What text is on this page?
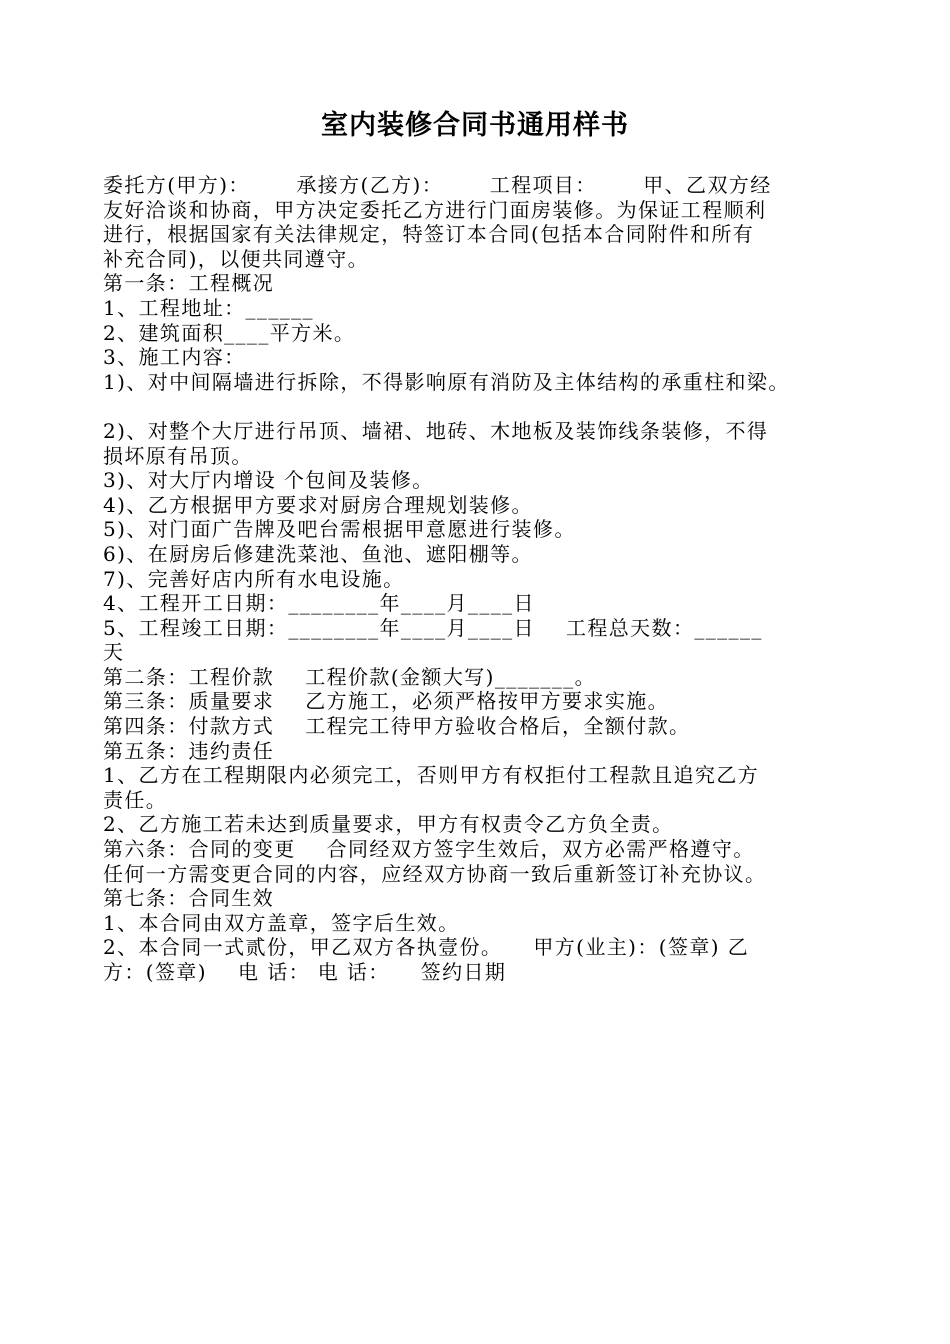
室内装修合同书通用样书
委托方(甲方)：      承接方(乙方)：      工程项目：      甲、乙双方经
友好洽谈和协商，甲方决定委托乙方进行门面房装修。为保证工程顺利
进行，根据国家有关法律规定，特签订本合同(包括本合同附件和所有
补充合同)，以便共同遵守。
第一条：工程概况
1、工程地址：______
2、建筑面积____平方米。
3、施工内容：
1)、对中间隔墙进行拆除，不得影响原有消防及主体结构的承重柱和梁。
2)、对整个大厅进行吊顶、墙裙、地砖、木地板及装饰线条装修，不得
损坏原有吊顶。
3)、对大厅内增设 个包间及装修。
4)、乙方根据甲方要求对厨房合理规划装修。
5)、对门面广告牌及吧台需根据甲意愿进行装修。
6)、在厨房后修建洗菜池、鱼池、遮阳棚等。
7)、完善好店内所有水电设施。
4、工程开工日期：________年____月____日
5、工程竣工日期：________年____月____日    工程总天数：______
天
第二条：工程价款    工程价款(金额大写)_______。
第三条：质量要求    乙方施工，必须严格按甲方要求实施。
第四条：付款方式    工程完工待甲方验收合格后，全额付款。
第五条：违约责任
1、乙方在工程期限内必须完工，否则甲方有权拒付工程款且追究乙方
责任。
2、乙方施工若未达到质量要求，甲方有权责令乙方负全责。
第六条：合同的变更    合同经双方签字生效后，双方必需严格遵守。
任何一方需变更合同的内容，应经双方协商一致后重新签订补充协议。
第七条：合同生效
1、本合同由双方盖章，签字后生效。
2、本合同一式贰份，甲乙双方各执壹份。    甲方(业主)：(签章) 乙
方：(签章)    电 话： 电 话：    签约日期
